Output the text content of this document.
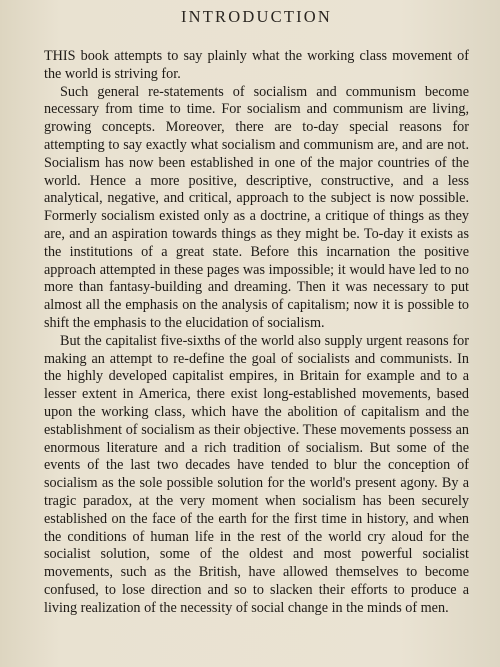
INTRODUCTION

THIS book attempts to say plainly what the working class movement of the world is striving for.

Such general re-statements of socialism and communism become necessary from time to time. For socialism and communism are living, growing concepts. Moreover, there are to-day special reasons for attempting to say exactly what socialism and communism are, and are not. Socialism has now been established in one of the major countries of the world. Hence a more positive, descriptive, constructive, and a less analytical, negative, and critical, approach to the subject is now possible. Formerly socialism existed only as a doctrine, a critique of things as they are, and an aspiration towards things as they might be. To-day it exists as the institutions of a great state. Before this incarnation the positive approach attempted in these pages was impossible; it would have led to no more than fantasy-building and dreaming. Then it was necessary to put almost all the emphasis on the analysis of capitalism; now it is possible to shift the emphasis to the elucidation of socialism.

But the capitalist five-sixths of the world also supply urgent reasons for making an attempt to re-define the goal of socialists and communists. In the highly developed capitalist empires, in Britain for example and to a lesser extent in America, there exist long-established movements, based upon the working class, which have the abolition of capitalism and the establishment of socialism as their objective. These movements possess an enormous literature and a rich tradition of socialism. But some of the events of the last two decades have tended to blur the conception of socialism as the sole possible solution for the world's present agony. By a tragic paradox, at the very moment when socialism has been securely established on the face of the earth for the first time in history, and when the conditions of human life in the rest of the world cry aloud for the socialist solution, some of the oldest and most powerful socialist movements, such as the British, have allowed themselves to become confused, to lose direction and so to slacken their efforts to produce a living realization of the necessity of social change in the minds of men.
